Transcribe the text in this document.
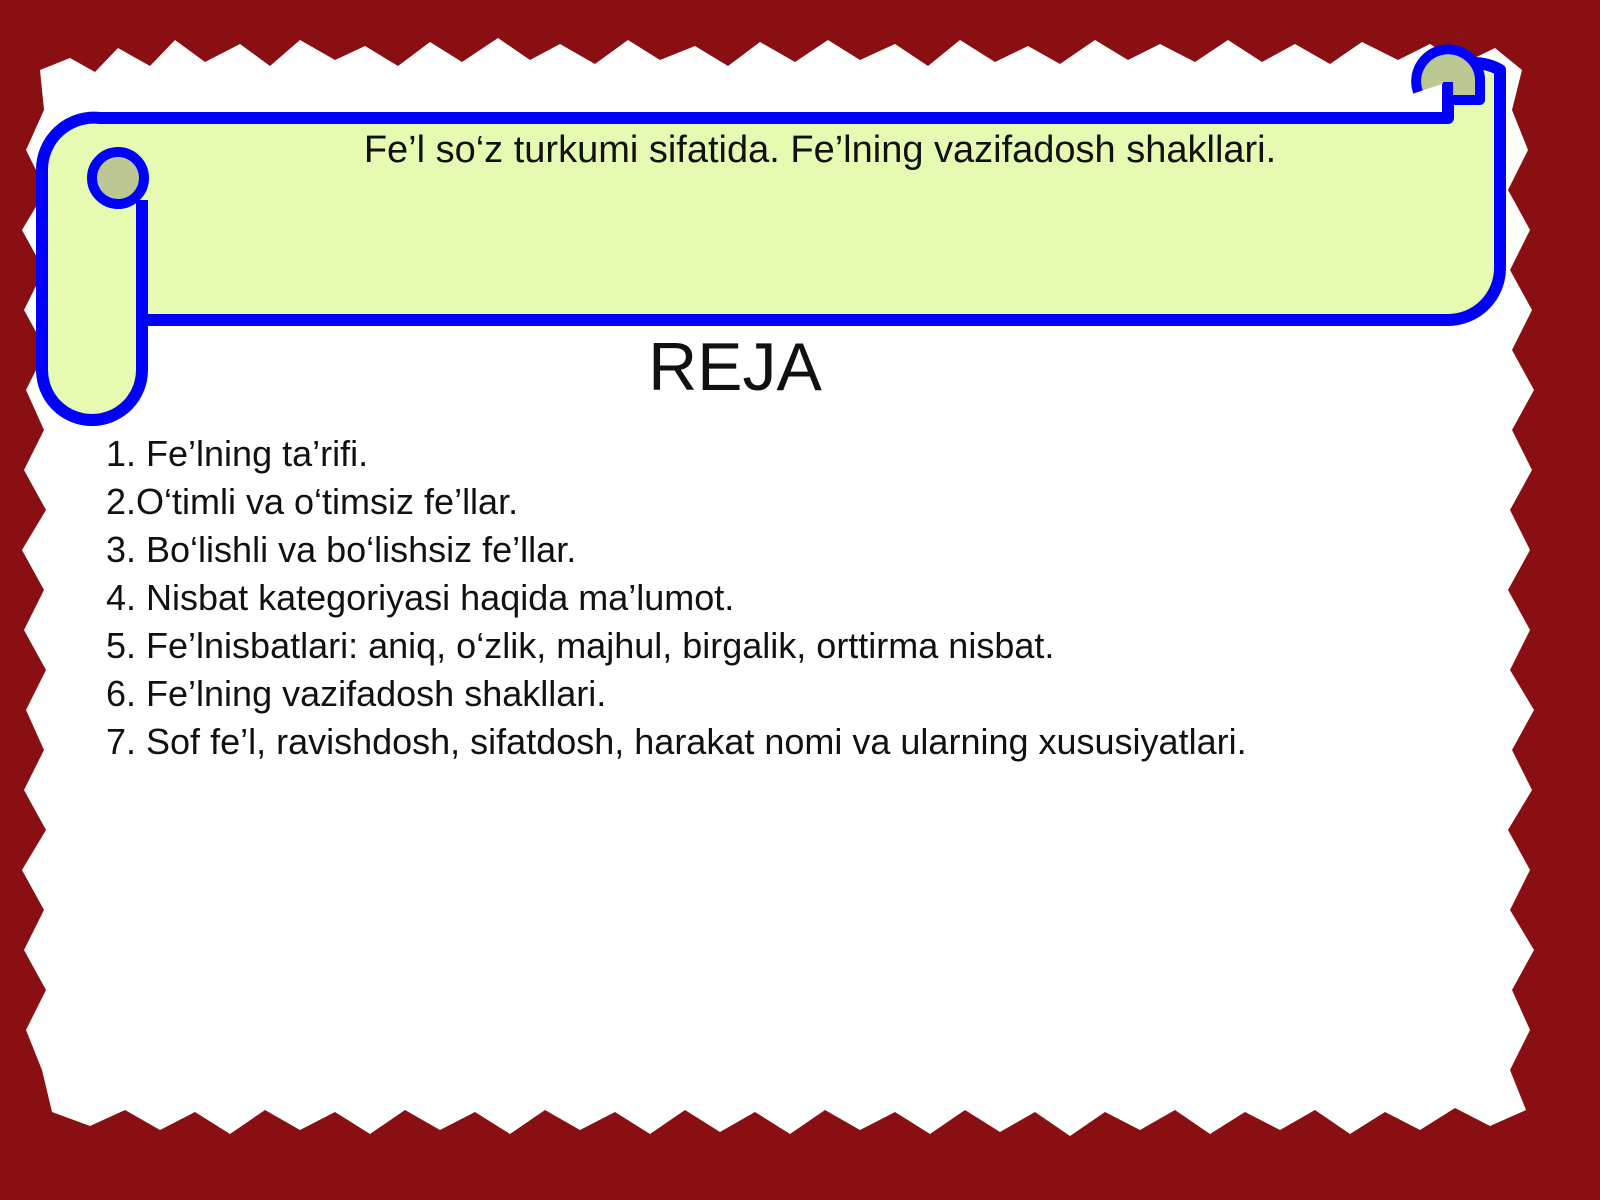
Fe’l so‘z turkumi sifatida. Fe’lning vazifadosh shakllari.
REJA
1. Fe’lning ta’rifi.
2.O‘timli va o‘timsiz fe’llar.
3. Bo‘lishli va bo‘lishsiz fe’llar.
4. Nisbat kategoriyasi haqida ma’lumot.
5. Fe’lnisbatlari: aniq, o‘zlik, majhul, birgalik, orttirma nisbat.
6. Fe’lning vazifadosh shakllari.
7. Sof fe’l, ravishdosh, sifatdosh, harakat nomi va ularning xususiyatlari.
